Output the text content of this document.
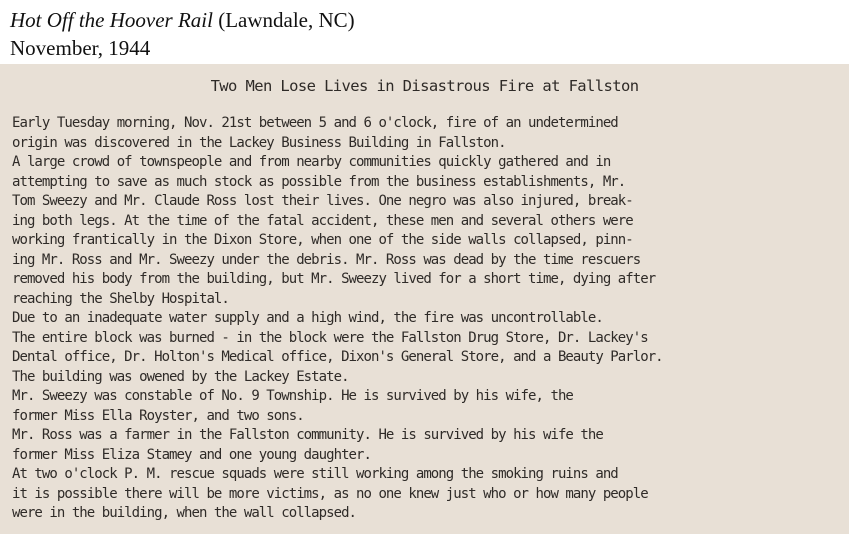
Hot Off the Hoover Rail (Lawndale, NC)
November, 1944
Two Men Lose Lives in Disastrous Fire at Fallston
Early Tuesday morning, Nov. 21st between 5 and 6 o'clock, fire of an undetermined
origin was discovered in the Lackey Business Building in Fallston.
A large crowd of townspeople and from nearby communities quickly gathered and in
attempting to save as much stock as possible from the business establishments, Mr.
Tom Sweezy and Mr. Claude Ross lost their lives. One negro was also injured, break-
ing both legs. At the time of the fatal accident, these men and several others were
working frantically in the Dixon Store, when one of the side walls collapsed, pinn-
ing Mr. Ross and Mr. Sweezy under the debris. Mr. Ross was dead by the time rescuers
removed his body from the building, but Mr. Sweezy lived for a short time, dying after
reaching the Shelby Hospital.
Due to an inadequate water supply and a high wind, the fire was uncontrollable.
The entire block was burned - in the block were the Fallston Drug Store, Dr. Lackey's
Dental office, Dr. Holton's Medical office, Dixon's General Store, and a Beauty Parlor.
The building was owened by the Lackey Estate.
Mr. Sweezy was constable of No. 9 Township. He is survived by his wife, the
former Miss Ella Royster, and two sons.
Mr. Ross was a farmer in the Fallston community. He is survived by his wife the
former Miss Eliza Stamey and one young daughter.
At two o'clock P. M. rescue squads were still working among the smoking ruins and
it is possible there will be more victims, as no one knew just who or how many people
were in the building, when the wall collapsed.
